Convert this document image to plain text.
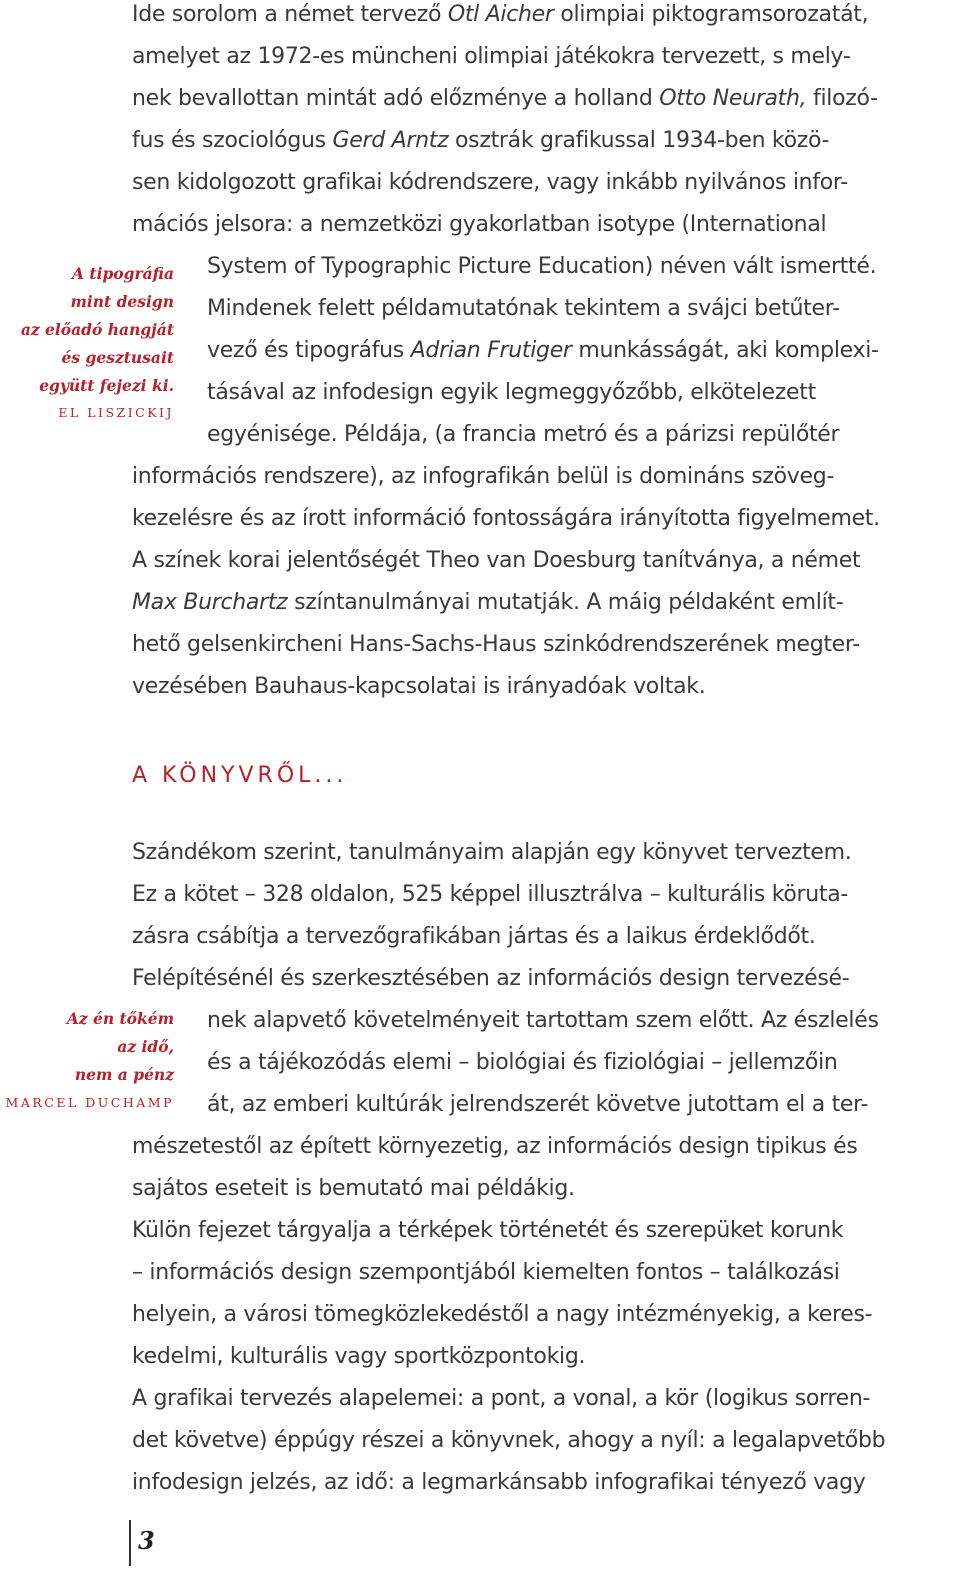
Ide sorolom a német tervező Otl Aicher olimpiai piktogramsorozatát,
amelyet az 1972-es müncheni olimpiai játékokra tervezett, s mely-
nek bevallottan mintát adó előzménye a holland Otto Neurath, filozó-
fus és szociológus Gerd Arntz osztrák grafikussal 1934-ben közö-
sen kidolgozott grafikai kódrendszere, vagy inkább nyilvános infor-
mációs jelsora: a nemzetközi gyakorlatban isotype (International
System of Typographic Picture Education) néven vált ismertté.
Mindenek felett példamutatónak tekintem a svájci betűter-
vező és tipográfus Adrian Frutiger munkásságát, aki komplexi-
tásával az infodesign egyik legmeggyőzőbb, elkötelezett
egyénisége. Példája, (a francia metró és a párizsi repülőtér
információs rendszere), az infografikán belül is domináns szöveg-
kezelésre és az írott információ fontosságára irányította figyelmemet.
A színek korai jelentőségét Theo van Doesburg tanítványa, a német
Max Burchartz színtanulmányai mutatják. A máig példaként említ-
hető gelsenkircheni Hans-Sachs-Haus szinkódrendszerének megter-
vezésében Bauhaus-kapcsolatai is irányadóak voltak.
A tipográfia
mint design
az előadó hangját
és gesztusait
együtt fejezi ki.
EL LISZICKIJ
A KÖNYVRŐL...
Szándékom szerint, tanulmányaim alapján egy könyvet terveztem.
Ez a kötet – 328 oldalon, 525 képpel illusztrálva – kulturális körutа-
zásra csábítja a tervezőgrafikában jártas és a laikus érdeklődőt.
Felépítésénél és szerkesztésében az információs design tervezésé-
nek alapvető követelményeit tartottam szem előtt. Az észlelés
és a tájékozódás elemi – biológiai és fiziológiai – jellemzőin
át, az emberi kultúrák jelrendszerét követve jutottam el a ter-
mészetestől az épített környezetig, az információs design tipikus és
sajátos eseteit is bemutató mai példákig.
Külön fejezet tárgyalja a térképek történetét és szerepüket korunk
– információs design szempontjából kiemelten fontos – találkozási
helyein, a városi tömegközlekedéstől a nagy intézményekig, a keres-
kedelmi, kulturális vagy sportközpontokig.
A grafikai tervezés alapelemei: a pont, a vonal, a kör (logikus sorren-
det követve) éppúgy részei a könyvnek, ahogy a nyíl: a legalapvetőbb
infodesign jelzés, az idő: a legmarkánsabb infografikai tényező vagy
Az én tőkém
az idő,
nem a pénz
MARCEL DUCHAMP
3
